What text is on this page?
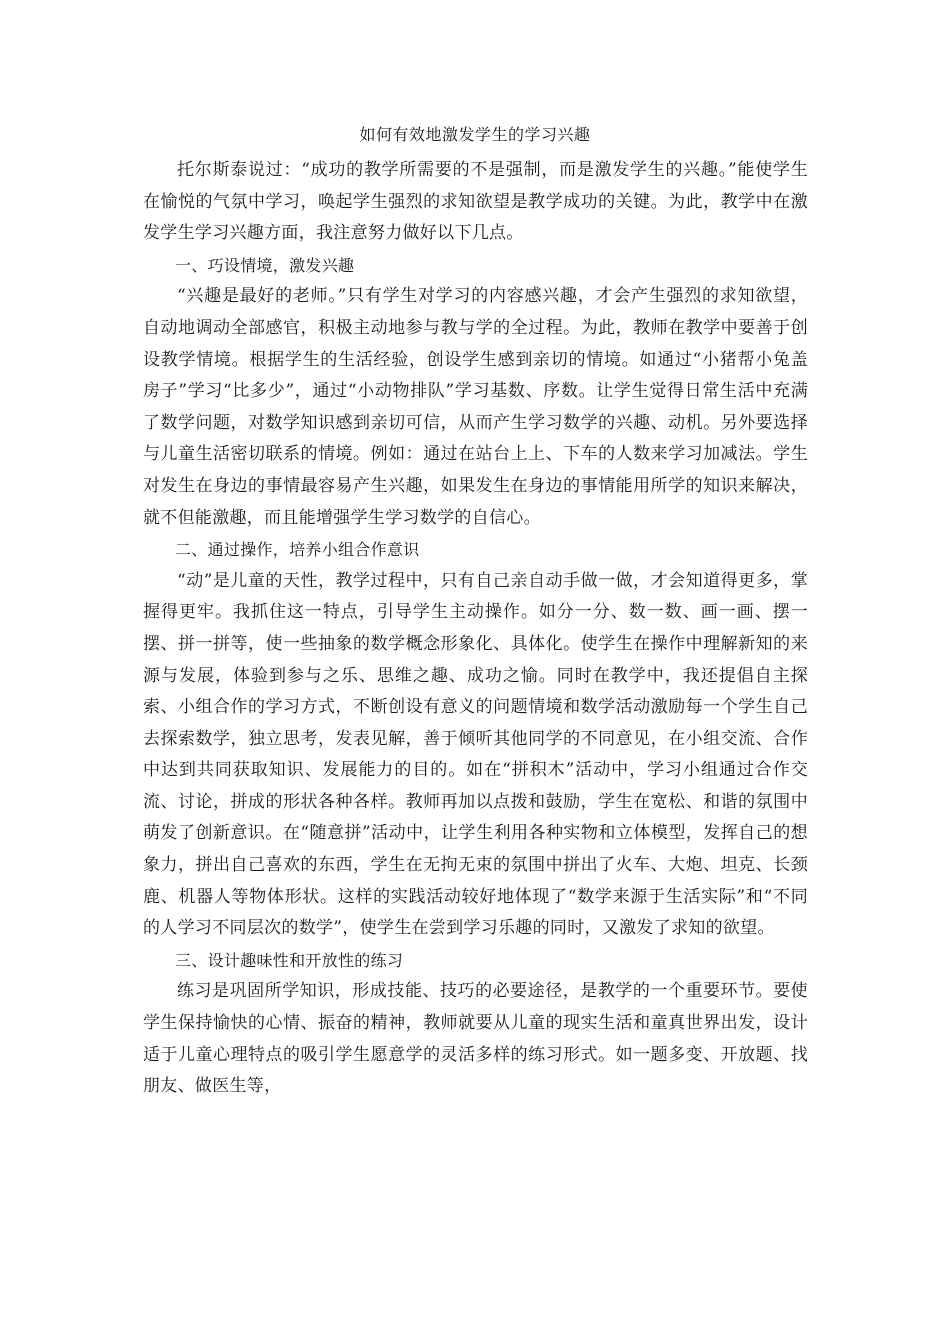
如何有效地激发学生的学习兴趣

托尔斯泰说过：“成功的教学所需要的不是强制，而是激发学生的兴趣。”能使学生在愉悦的气氛中学习，唤起学生强烈的求知欲望是教学成功的关键。为此，教学中在激发学生学习兴趣方面，我注意努力做好以下几点。

一、巧设情境，激发兴趣

“兴趣是最好的老师。”只有学生对学习的内容感兴趣，才会产生强烈的求知欲望，自动地调动全部感官，积极主动地参与教与学的全过程。为此，教师在教学中要善于创设教学情境。根据学生的生活经验，创设学生感到亲切的情境。如通过“小猪帮小兔盖房子”学习“比多少”，通过“小动物排队”学习基数、序数。让学生觉得日常生活中充满了数学问题，对数学知识感到亲切可信，从而产生学习数学的兴趣、动机。另外要选择与儿童生活密切联系的情境。例如：通过在站台上上、下车的人数来学习加减法。学生对发生在身边的事情最容易产生兴趣，如果发生在身边的事情能用所学的知识来解决，就不但能激趣，而且能增强学生学习数学的自信心。

二、通过操作，培养小组合作意识

“动”是儿童的天性，教学过程中，只有自己亲自动手做一做，才会知道得更多，掌握得更牢。我抓住这一特点，引导学生主动操作。如分一分、数一数、画一画、摆一摆、拼一拼等，使一些抽象的数学概念形象化、具体化。使学生在操作中理解新知的来源与发展，体验到参与之乐、思维之趣、成功之愉。同时在教学中，我还提倡自主探索、小组合作的学习方式，不断创设有意义的问题情境和数学活动激励每一个学生自己去探索数学，独立思考，发表见解，善于倾听其他同学的不同意见，在小组交流、合作中达到共同获取知识、发展能力的目的。如在“拼积木”活动中，学习小组通过合作交流、讨论，拼成的形状各种各样。教师再加以点拨和鼓励，学生在宽松、和谐的氛围中萌发了创新意识。在“随意拼”活动中，让学生利用各种实物和立体模型，发挥自己的想象力，拼出自己喜欢的东西，学生在无拘无束的氛围中拼出了火车、大炮、坦克、长颈鹿、机器人等物体形状。这样的实践活动较好地体现了“数学来源于生活实际”和“不同的人学习不同层次的数学”，使学生在尝到学习乐趣的同时，又激发了求知的欲望。

三、设计趣味性和开放性的练习

练习是巩固所学知识，形成技能、技巧的必要途径，是教学的一个重要环节。要使学生保持愉快的心情、振奋的精神，教师就要从儿童的现实生活和童真世界出发，设计适于儿童心理特点的吸引学生愿意学的灵活多样的练习形式。如一题多变、开放题、找朋友、做医生等，
